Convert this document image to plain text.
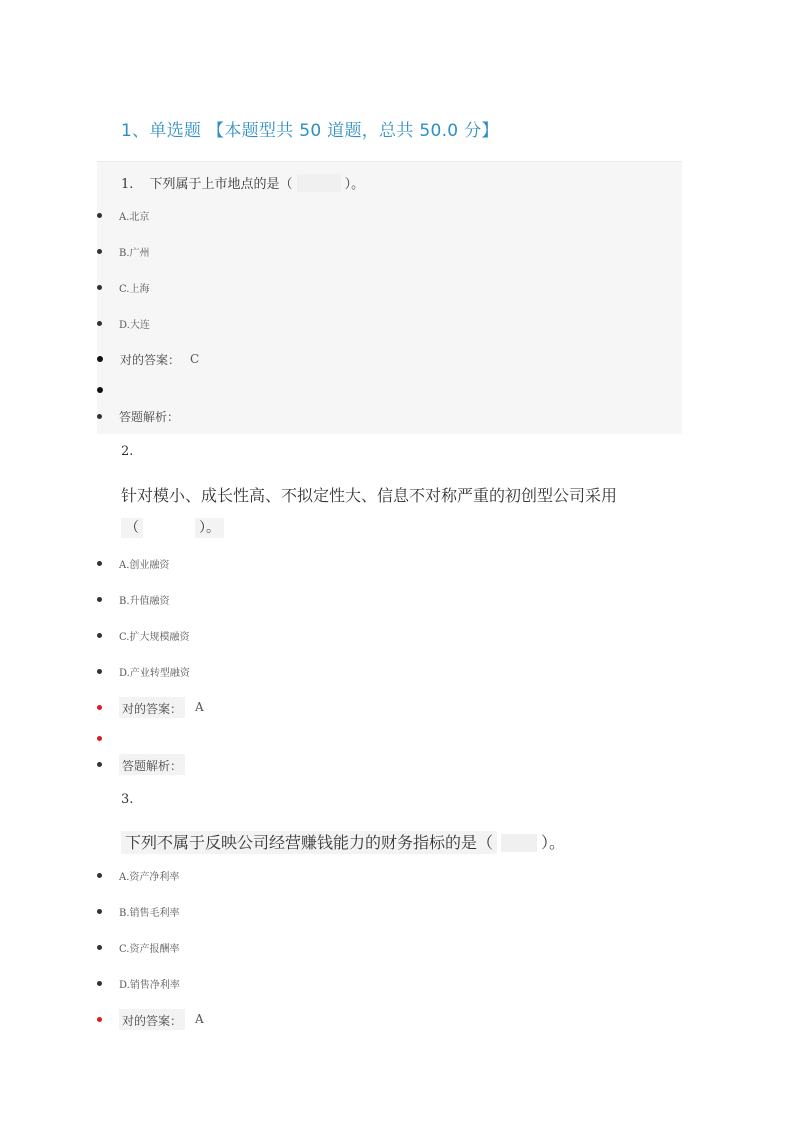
1、单选题 【本题型共 50 道题，总共 50.0 分】
1. 下列属于上市地点的是（	）。
A.北京
B.广州
C.上海
D.大连
对的答案： C
答题解析：
2.
针对模小、成长性高、不拟定性大、信息不对称严重的初创型公司采用
（	）。
A.创业融资
B.升值融资
C.扩大规模融资
D.产业转型融资
对的答案： A
答题解析：
3.
下列不属于反映公司经营赚钱能力的财务指标的是（	）。
A.资产净利率
B.销售毛利率
C.资产报酬率
D.销售净利率
对的答案： A
